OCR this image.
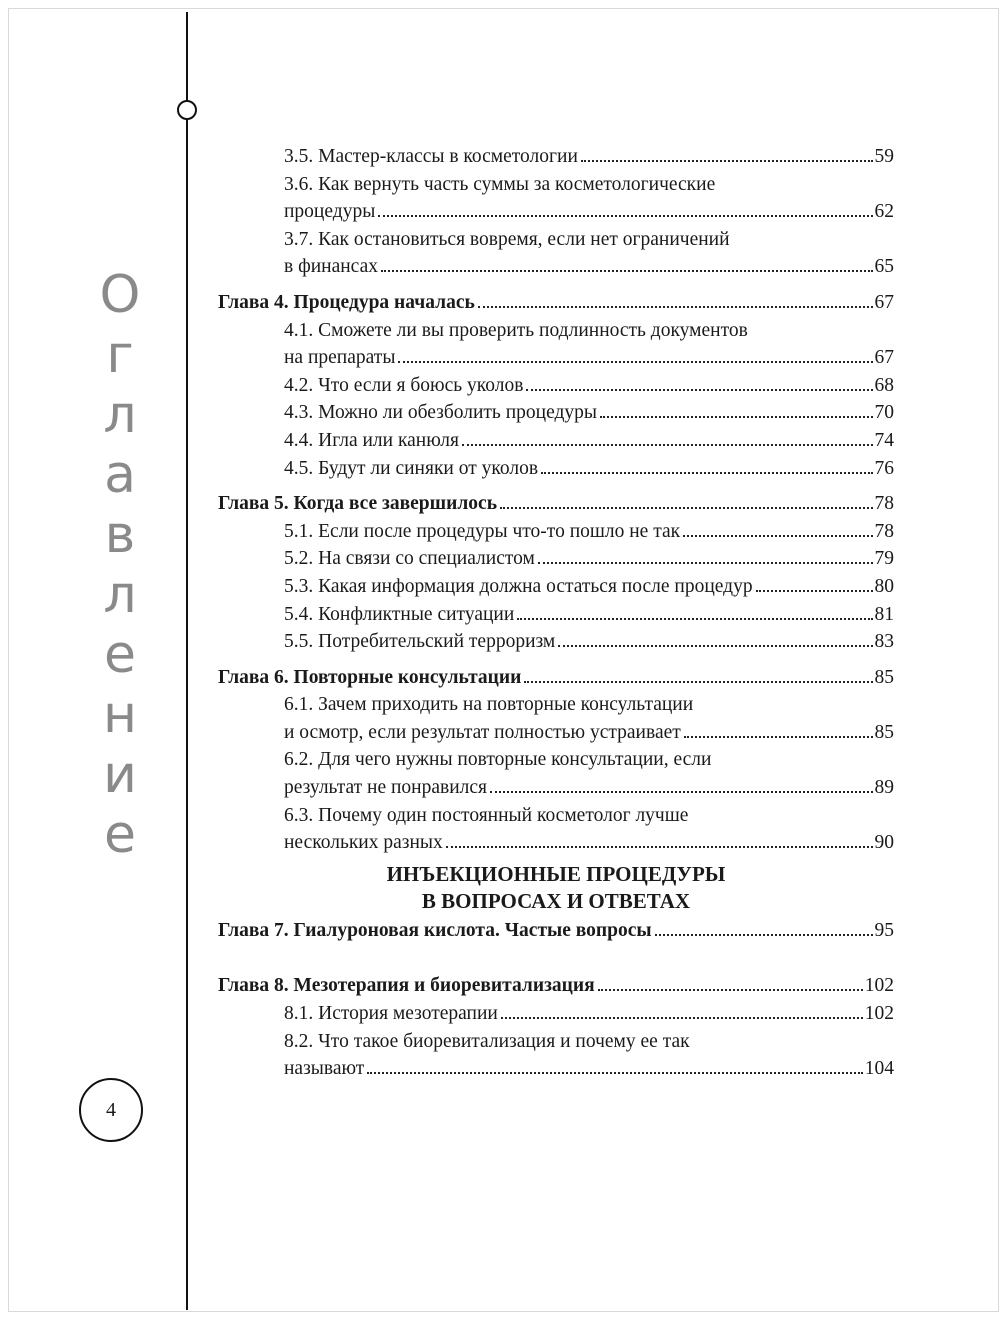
О
г
л
а
в
л
е
н
и
е
4
3.5. Мастер-классы в косметологии	59
3.6. Как вернуть часть суммы за косметологические
процедуры	62
3.7. Как остановиться вовремя, если нет ограничений
в финансах	65
Глава 4. Процедура началась	67
4.1. Сможете ли вы проверить подлинность документов
на препараты	67
4.2. Что если я боюсь уколов	68
4.3. Можно ли обезболить процедуры	70
4.4. Игла или канюля	74
4.5. Будут ли синяки от уколов	76
Глава 5. Когда все завершилось	78
5.1. Если после процедуры что-то пошло не так	78
5.2. На связи со специалистом	79
5.3. Какая информация должна остаться после процедур	80
5.4. Конфликтные ситуации	81
5.5. Потребительский терроризм	83
Глава 6. Повторные консультации	85
6.1. Зачем приходить на повторные консультации
и осмотр, если результат полностью устраивает	85
6.2. Для чего нужны повторные консультации, если
результат не понравился	89
6.3. Почему один постоянный косметолог лучше
нескольких разных	90
ИНЪЕКЦИОННЫЕ ПРОЦЕДУРЫ
В ВОПРОСАХ И ОТВЕТАХ
Глава 7. Гиалуроновая кислота. Частые вопросы	95
Глава 8. Мезотерапия и биоревитализация	102
8.1. История мезотерапии	102
8.2. Что такое биоревитализация и почему ее так
называют	104
